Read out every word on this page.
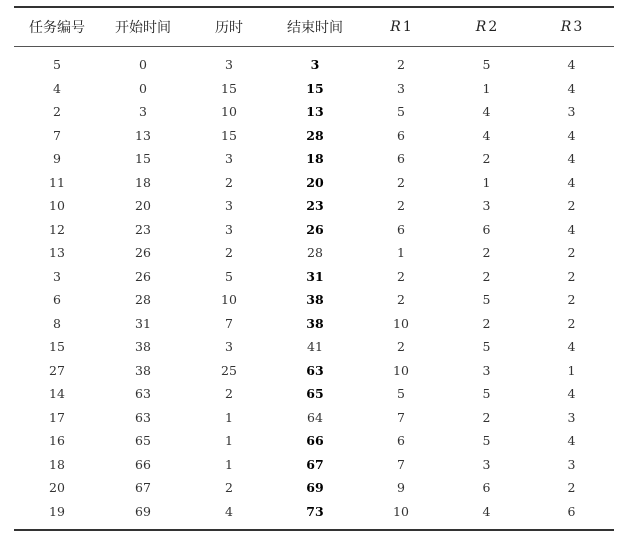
任务编号	开始时间	历时	结束时间	R 1	R 2	R 3
5	0	3	3	2	5	4
4	0	15	15	3	1	4
2	3	10	13	5	4	3
7	13	15	28	6	4	4
9	15	3	18	6	2	4
11	18	2	20	2	1	4
10	20	3	23	2	3	2
12	23	3	26	6	6	4
13	26	2	28	1	2	2
3	26	5	31	2	2	2
6	28	10	38	2	5	2
8	31	7	38	10	2	2
15	38	3	41	2	5	4
27	38	25	63	10	3	1
14	63	2	65	5	5	4
17	63	1	64	7	2	3
16	65	1	66	6	5	4
18	66	1	67	7	3	3
20	67	2	69	9	6	2
19	69	4	73	10	4	6
